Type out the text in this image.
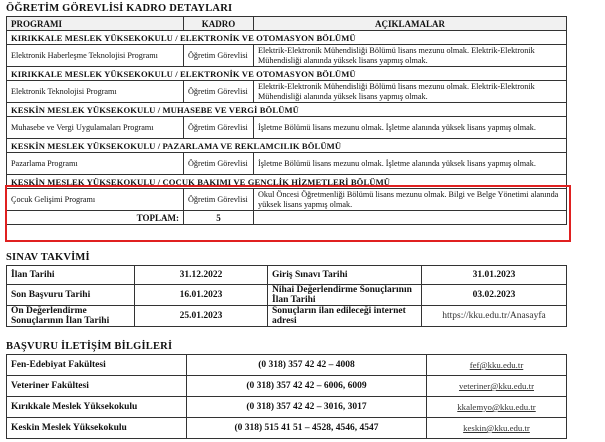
ÖĞRETİM GÖREVLİSİ KADRO DETAYLARI
PROGRAMI	KADRO	AÇIKLAMALAR
KIRIKKALE MESLEK YÜKSEKOKULU / ELEKTRONİK VE OTOMASYON BÖLÜMÜ		
Elektronik Haberleşme Teknolojisi Programı	Öğretim Görevlisi	Elektrik-Elektronik Mühendisliği Bölümü lisans mezunu olmak. Elektrik-Elektronik Mühendisliği alanında yüksek lisans yapmış olmak.
KIRIKKALE MESLEK YÜKSEKOKULU / ELEKTRONİK VE OTOMASYON BÖLÜMÜ		
Elektronik Teknolojisi Programı	Öğretim Görevlisi	Elektrik-Elektronik Mühendisliği Bölümü lisans mezunu olmak. Elektrik-Elektronik Mühendisliği alanında yüksek lisans yapmış olmak.
KESKİN MESLEK YÜKSEKOKULU / MUHASEBE VE VERGİ BÖLÜMÜ		
Muhasebe ve Vergi Uygulamaları Programı	Öğretim Görevlisi	İşletme Bölümü lisans mezunu olmak. İşletme alanında yüksek lisans yapmış olmak.
KESKİN MESLEK YÜKSEKOKULU / PAZARLAMA VE REKLAMCILIK BÖLÜMÜ		
Pazarlama Programı	Öğretim Görevlisi	İşletme Bölümü lisans mezunu olmak. İşletme alanında yüksek lisans yapmış olmak.
KESKİN MESLEK YÜKSEKOKULU / ÇOCUK BAKIMI VE GENÇLİK HİZMETLERİ BÖLÜMÜ		
Çocuk Gelişimi Programı	Öğretim Görevlisi	Okul Öncesi Öğretmenliği Bölümü lisans mezunu olmak. Bilgi ve Belge Yönetimi alanında yüksek lisans yapmış olmak.
TOPLAM:	5	
SINAV TAKVİMİ
İlan Tarihi	31.12.2022	Giriş Sınavı Tarihi	31.01.2023
Son Başvuru Tarihi	16.01.2023	Nihai Değerlendirme Sonuçlarının İlan Tarihi	03.02.2023
Ön Değerlendirme Sonuçlarının İlan Tarihi	25.01.2023	Sonuçların ilan edileceği internet adresi	https://kku.edu.tr/Anasayfa
BAŞVURU İLETİŞİM BİLGİLERİ
Fen-Edebiyat Fakültesi	(0 318) 357 42 42 – 4008	fef@kku.edu.tr
Veteriner Fakültesi	(0 318) 357 42 42 – 6006, 6009	veteriner@kku.edu.tr
Kırıkkale Meslek Yüksekokulu	(0 318) 357 42 42 – 3016, 3017	kkalemyo@kku.edu.tr
Keskin Meslek Yüksekokulu	(0 318) 515 41 51 – 4528, 4546, 4547	keskin@kku.edu.tr
